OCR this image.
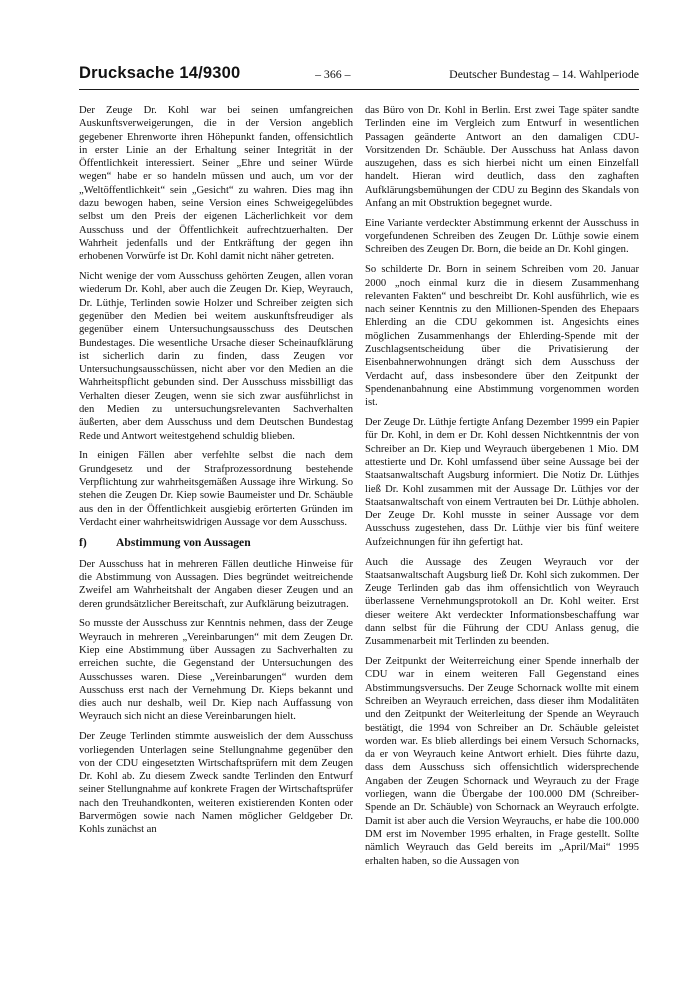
Drucksache 14/9300	– 366 –	Deutscher Bundestag – 14. Wahlperiode

Der Zeuge Dr. Kohl war bei seinen umfangreichen Auskunftsverweigerungen, die in der Version angeblich gegebener Ehrenworte ihren Höhepunkt fanden, offensichtlich in erster Linie an der Erhaltung seiner Integrität in der Öffentlichkeit interessiert. Seiner „Ehre und seiner Würde wegen“ habe er so handeln müssen und auch, um vor der „Weltöffentlichkeit“ sein „Gesicht“ zu wahren. Dies mag ihn dazu bewogen haben, seine Version eines Schweigegelübdes selbst um den Preis der eigenen Lächerlichkeit vor dem Ausschuss und der Öffentlichkeit aufrechtzuerhalten. Der Wahrheit jedenfalls und der Entkräftung der gegen ihn erhobenen Vorwürfe ist Dr. Kohl damit nicht näher getreten.

Nicht wenige der vom Ausschuss gehörten Zeugen, allen voran wiederum Dr. Kohl, aber auch die Zeugen Dr. Kiep, Weyrauch, Dr. Lüthje, Terlinden sowie Holzer und Schreiber zeigten sich gegenüber den Medien bei weitem auskunftsfreudiger als gegenüber einem Untersuchungsausschuss des Deutschen Bundestages. Die wesentliche Ursache dieser Scheinaufklärung ist sicherlich darin zu finden, dass Zeugen vor Untersuchungsausschüssen, nicht aber vor den Medien an die Wahrheitspflicht gebunden sind. Der Ausschuss missbilligt das Verhalten dieser Zeugen, wenn sie sich zwar ausführlichst in den Medien zu untersuchungsrelevanten Sachverhalten äußerten, aber dem Ausschuss und dem Deutschen Bundestag Rede und Antwort weitestgehend schuldig blieben.

In einigen Fällen aber verfehlte selbst die nach dem Grundgesetz und der Strafprozessordnung bestehende Verpflichtung zur wahrheitsgemäßen Aussage ihre Wirkung. So stehen die Zeugen Dr. Kiep sowie Baumeister und Dr. Schäuble aus den in der Öffentlichkeit ausgiebig erörterten Gründen im Verdacht einer wahrheitswidrigen Aussage vor dem Ausschuss.

f)	Abstimmung von Aussagen

Der Ausschuss hat in mehreren Fällen deutliche Hinweise für die Abstimmung von Aussagen. Dies begründet weitreichende Zweifel am Wahrheitshalt der Angaben dieser Zeugen und an deren grundsätzlicher Bereitschaft, zur Aufklärung beizutragen.

So musste der Ausschuss zur Kenntnis nehmen, dass der Zeuge Weyrauch in mehreren „Vereinbarungen“ mit dem Zeugen Dr. Kiep eine Abstimmung über Aussagen zu Sachverhalten zu erreichen suchte, die Gegenstand der Untersuchungen des Ausschusses waren. Diese „Vereinbarungen“ wurden dem Ausschuss erst nach der Vernehmung Dr. Kieps bekannt und dies auch nur deshalb, weil Dr. Kiep nach Auffassung von Weyrauch sich nicht an diese Vereinbarungen hielt.

Der Zeuge Terlinden stimmte ausweislich der dem Ausschuss vorliegenden Unterlagen seine Stellungnahme gegenüber den von der CDU eingesetzten Wirtschaftsprüfern mit dem Zeugen Dr. Kohl ab. Zu diesem Zweck sandte Terlinden den Entwurf seiner Stellungnahme auf konkrete Fragen der Wirtschaftsprüfer nach den Treuhandkonten, weiteren existierenden Konten oder Barvermögen sowie nach Namen möglicher Geldgeber Dr. Kohls zunächst an

das Büro von Dr. Kohl in Berlin. Erst zwei Tage später sandte Terlinden eine im Vergleich zum Entwurf in wesentlichen Passagen geänderte Antwort an den damaligen CDU-Vorsitzenden Dr. Schäuble. Der Ausschuss hat Anlass davon auszugehen, dass es sich hierbei nicht um einen Einzelfall handelt. Hieran wird deutlich, dass den zaghaften Aufklärungsbemühungen der CDU zu Beginn des Skandals von Anfang an mit Obstruktion begegnet wurde.

Eine Variante verdeckter Abstimmung erkennt der Ausschuss in vorgefundenen Schreiben des Zeugen Dr. Lüthje sowie einem Schreiben des Zeugen Dr. Born, die beide an Dr. Kohl gingen.

So schilderte Dr. Born in seinem Schreiben vom 20. Januar 2000 „noch einmal kurz die in diesem Zusammenhang relevanten Fakten“ und beschreibt Dr. Kohl ausführlich, wie es nach seiner Kenntnis zu den Millionen-Spenden des Ehepaars Ehlerding an die CDU gekommen ist. Angesichts eines möglichen Zusammenhangs der Ehlerding-Spende mit der Zuschlagsentscheidung über die Privatisierung der Eisenbahnerwohnungen drängt sich dem Ausschuss der Verdacht auf, dass insbesondere über den Zeitpunkt der Spendenanbahnung eine Abstimmung vorgenommen worden ist.

Der Zeuge Dr. Lüthje fertigte Anfang Dezember 1999 ein Papier für Dr. Kohl, in dem er Dr. Kohl dessen Nichtkenntnis der von Schreiber an Dr. Kiep und Weyrauch übergebenen 1 Mio. DM attestierte und Dr. Kohl umfassend über seine Aussage bei der Staatsanwaltschaft Augsburg informiert. Die Notiz Dr. Lüthjes ließ Dr. Kohl zusammen mit der Aussage Dr. Lüthjes vor der Staatsanwaltschaft von einem Vertrauten bei Dr. Lüthje abholen. Der Zeuge Dr. Kohl musste in seiner Aussage vor dem Ausschuss zugestehen, dass Dr. Lüthje vier bis fünf weitere Aufzeichnungen für ihn gefertigt hat.

Auch die Aussage des Zeugen Weyrauch vor der Staatsanwaltschaft Augsburg ließ Dr. Kohl sich zukommen. Der Zeuge Terlinden gab das ihm offensichtlich von Weyrauch überlassene Vernehmungsprotokoll an Dr. Kohl weiter. Erst dieser weitere Akt verdeckter Informationsbeschaffung war dann selbst für die Führung der CDU Anlass genug, die Zusammenarbeit mit Terlinden zu beenden.

Der Zeitpunkt der Weiterreichung einer Spende innerhalb der CDU war in einem weiteren Fall Gegenstand eines Abstimmungsversuchs. Der Zeuge Schornack wollte mit einem Schreiben an Weyrauch erreichen, dass dieser ihm Modalitäten und den Zeitpunkt der Weiterleitung der Spende an Weyrauch bestätigt, die 1994 von Schreiber an Dr. Schäuble geleistet worden war. Es blieb allerdings bei einem Versuch Schornacks, da er von Weyrauch keine Antwort erhielt. Dies führte dazu, dass dem Ausschuss sich offensichtlich widersprechende Angaben der Zeugen Schornack und Weyrauch zu der Frage vorliegen, wann die Übergabe der 100.000 DM (Schreiber-Spende an Dr. Schäuble) von Schornack an Weyrauch erfolgte. Damit ist aber auch die Version Weyrauchs, er habe die 100.000 DM erst im November 1995 erhalten, in Frage gestellt. Sollte nämlich Weyrauch das Geld bereits im „April/Mai“ 1995 erhalten haben, so die Aussagen von
